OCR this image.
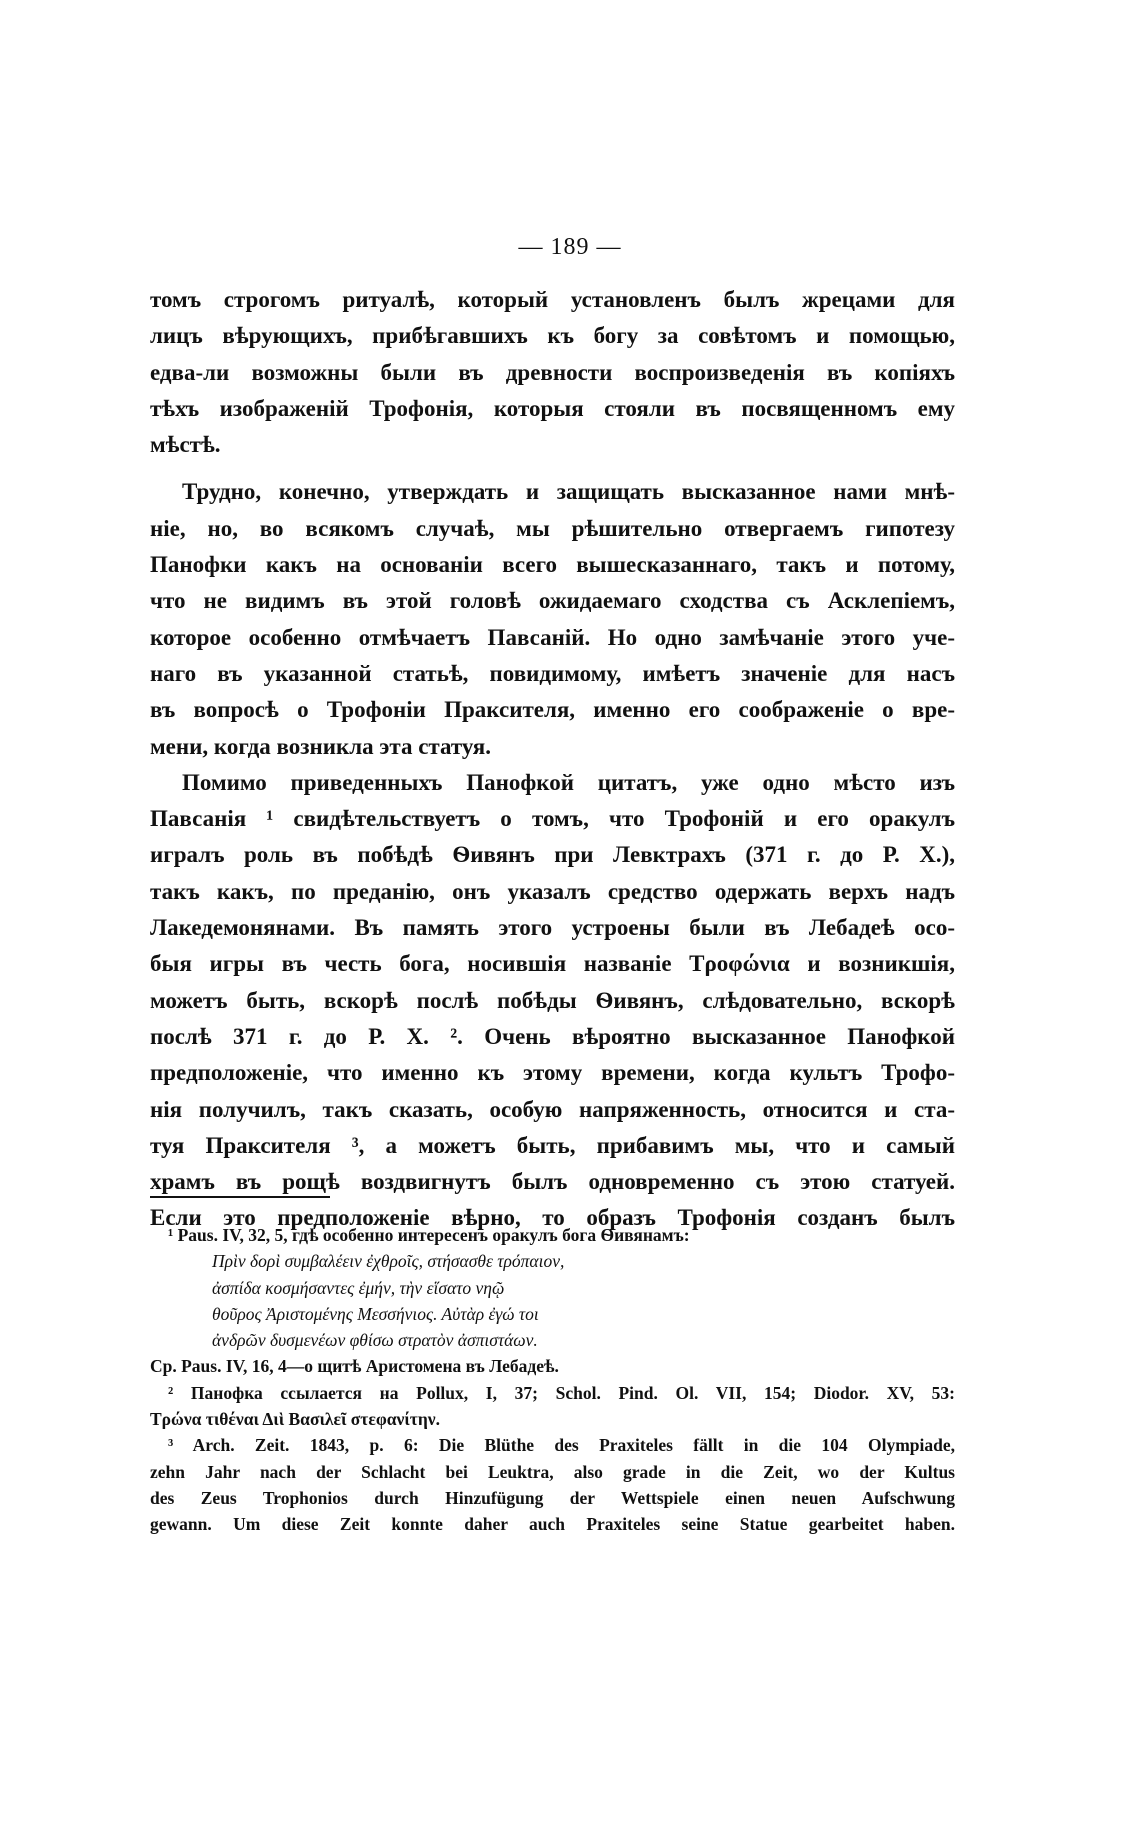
— 189 —
томъ строгомъ ритуалѣ, который установленъ былъ жрецами для
лицъ вѣрующихъ, прибѣгавшихъ къ богу за совѣтомъ и помощью,
едва-ли возможны были въ древности воспроизведенія въ копіяхъ
тѣхъ изображеній Трофонія, которыя стояли въ посвященномъ ему
мѣстѣ.
Трудно, конечно, утверждать и защищать высказанное нами мнѣ-
ніе, но, во всякомъ случаѣ, мы рѣшительно отвергаемъ гипотезу
Панофки какъ на основаніи всего вышесказаннаго, такъ и потому,
что не видимъ въ этой головѣ ожидаемаго сходства съ Асклепіемъ,
которое особенно отмѣчаетъ Павсаній. Но одно замѣчаніе этого уче-
наго въ указанной статьѣ, повидимому, имѣетъ значеніе для насъ
въ вопросѣ о Трофоніи Праксителя, именно его соображеніе о вре-
мени, когда возникла эта статуя.
Помимо приведенныхъ Панофкой цитатъ, уже одно мѣсто изъ
Павсанія ¹ свидѣтельствуетъ о томъ, что Трофоній и его оракулъ
игралъ роль въ побѣдѣ Ѳивянъ при Левктрахъ (371 г. до Р. Х.),
такъ какъ, по преданію, онъ указалъ средство одержать верхъ надъ
Лакедемонянами. Въ память этого устроены были въ Лебадеѣ осо-
быя игры въ честь бога, носившія названіе Τροφώνια и возникшія,
можетъ быть, вскорѣ послѣ побѣды Ѳивянъ, слѣдовательно, вскорѣ
послѣ 371 г. до Р. Х. ². Очень вѣроятно высказанное Панофкой
предположеніе, что именно къ этому времени, когда культъ Трофо-
нія получилъ, такъ сказать, особую напряженность, относится и ста-
туя Праксителя ³, а можетъ быть, прибавимъ мы, что и самый
храмъ въ рощѣ воздвигнутъ былъ одновременно съ этою статуей.
Если это предположеніе вѣрно, то образъ Трофонія созданъ былъ
¹ Paus. IV, 32, 5, гдѣ особенно интересенъ оракулъ бога Ѳивянамъ:
Πρὶν δορὶ συμβαλέειν ἐχθροῖς, στήσασθε τρόπαιον,
ἀσπίδα κοσμήσαντες ἐμήν, τὴν εἵσατο νηῷ
θοῦρος Ἀριστομένης Μεσσήνιος. Αὐτὰρ ἐγώ τοι
ἀνδρῶν δυσμενέων φθίσω στρατὸν ἀσπιστάων.
Ср. Paus. IV, 16, 4—о щитѣ Аристомена въ Лебадеѣ.
² Панофка ссылается на Pollux, I, 37; Schol. Pind. Ol. VII, 154; Diodor. XV, 53:
Τρώνα τιθέναι Διὶ Βασιλεῖ στεφανίτην.
³ Arch. Zeit. 1843, p. 6: Die Blüthe des Praxiteles fällt in die 104 Olympiade,
zehn Jahr nach der Schlacht bei Leuktra, also grade in die Zeit, wo der Kultus
des Zeus Trophonios durch Hinzufügung der Wettspiele einen neuen Aufschwung
gewann. Um diese Zeit konnte daher auch Praxiteles seine Statue gearbeitet haben.
